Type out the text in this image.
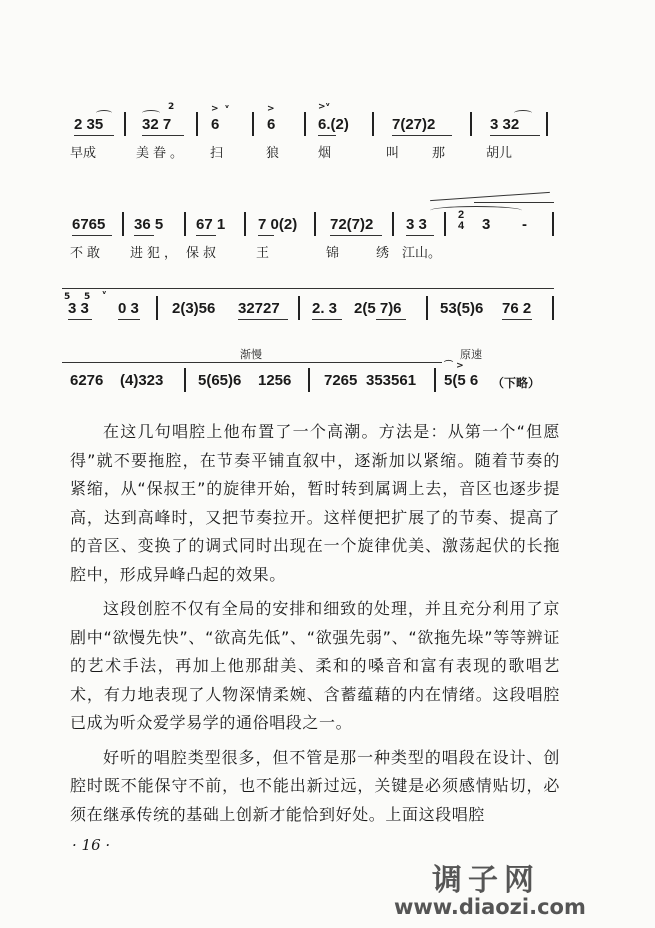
2 35
2
32 7
>  ᵛ
6
>
6
>ᵛ
6.(2)	7(27)2	3 32
早成	美眷。 扫	狼	烟	叫	那	胡儿
6765 36 5 67 1 7 0(2) 72(7)2 3 3
2
4 3 -
不敢 进犯， 保叔	王	锦	绣 江山。
5 5
3 3
ᵛ
0 3 2(3)56 32727 2. 3 2(5 7)6	53(5)6 76 2
渐慢	原速
6276 (4)323 5(65)6 1256 7265 353561
⌒ >
5(5 6 （下略）

在这几句唱腔上他布置了一个高潮。方法是：从第一个“但愿得”就不要拖腔，在节奏平铺直叙中，逐渐加以紧缩。随着节奏的紧缩，从“保叔王”的旋律开始，暂时转到属调上去，音区也逐步提高，达到高峰时，又把节奏拉开。这样便把扩展了的节奏、提高了的音区、变换了的调式同时出现在一个旋律优美、激荡起伏的长拖腔中，形成异峰凸起的效果。

这段创腔不仅有全局的安排和细致的处理，并且充分利用了京剧中“欲慢先快”、“欲高先低”、“欲强先弱”、“欲拖先垛”等等辨证的艺术手法，再加上他那甜美、柔和的嗓音和富有表现的歌唱艺术，有力地表现了人物深情柔婉、含蓄蕴藉的内在情绪。这段唱腔已成为听众爱学易学的通俗唱段之一。

好听的唱腔类型很多，但不管是那一种类型的唱段在设计、创腔时既不能保守不前，也不能出新过远，关键是必须感情贴切，必须在继承传统的基础上创新才能恰到好处。上面这段唱腔

· 16 ·
调子网
www.diaozi.com
